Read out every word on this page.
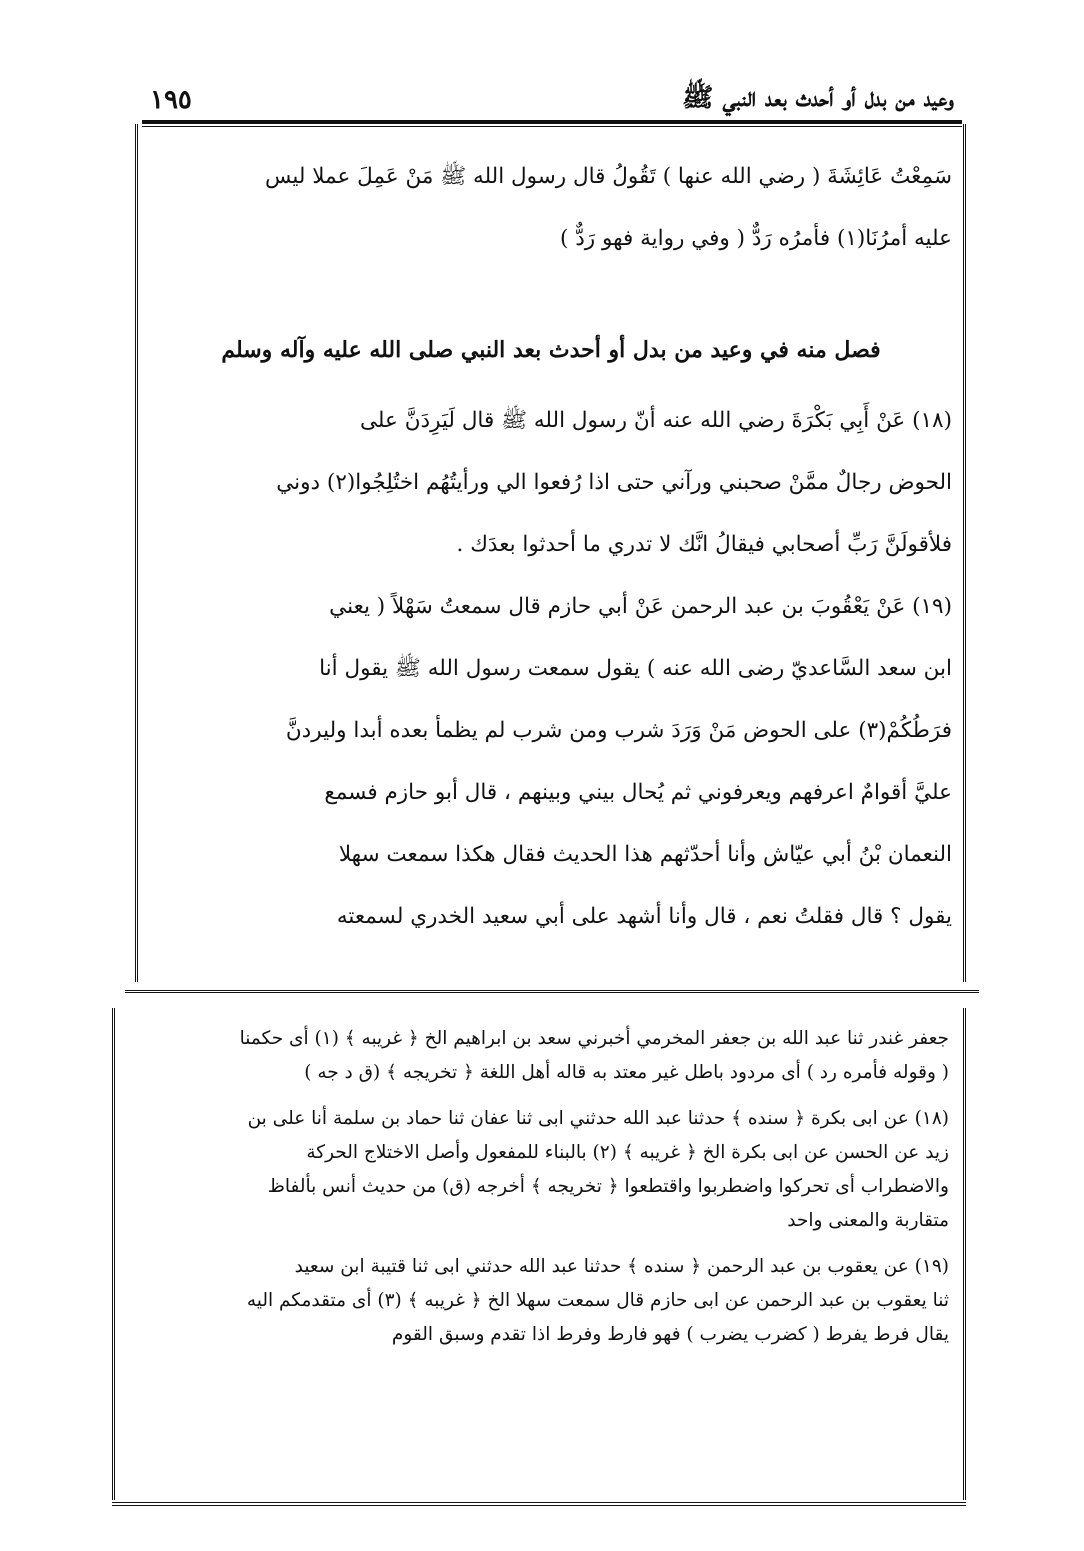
١٩٥	وعيد من بدل أو أحدث بعد النبي ﷺ
سَمِعْتُ عَائِشَةَ ( رضي الله عنها ) تَقُولُ قال رسول الله ﷺ مَنْ عَمِلَ عملا ليس
عليه أمرُنَا(١) فأمرُه رَدٌّ ( وفي رواية فهو رَدٌّ )
فصل منه في وعيد من بدل أو أحدث بعد النبي صلى الله عليه وآله وسلم
(١٨) عَنْ أَبِي بَكْرَةَ رضي الله عنه أنّ رسول الله ﷺ قال لَيَرِدَنَّ على
الحوض رجالٌ ممَّنْ صحبني ورآني حتى اذا رُفعوا الي ورأيتُهُم اختُلِجُوا(٢) دوني
فلأقولَنَّ رَبِّ أصحابي فيقالُ انَّك لا تدري ما أحدثوا بعدَك .
(١٩) عَنْ يَعْقُوبَ بن عبد الرحمن عَنْ أبي حازم قال سمعتُ سَهْلاً ( يعني
ابن سعد السَّاعديّ رضى الله عنه ) يقول سمعت رسول الله ﷺ يقول أنا
فرَطُكُمْ(٣) على الحوض مَنْ وَرَدَ شرب ومن شرب لم يظمأ بعده أبدا وليردنَّ
عليَّ أقوامٌ اعرفهم ويعرفوني ثم يُحال بيني وبينهم ، قال أبو حازم فسمع
النعمان بْنُ أبي عيّاش وأنا أحدّثهم هذا الحديث فقال هكذا سمعت سهلا
يقول ؟ قال فقلتُ نعم ، قال وأنا أشهد على أبي سعيد الخدري لسمعته
جعفر غندر ثنا عبد الله بن جعفر المخرمي أخبرني سعد بن ابراهيم الخ ﴿ غريبه ﴾ (١) أى حكمنا
( وقوله فأمره رد ) أى مردود باطل غير معتد به قاله أهل اللغة ﴿ تخريجه ﴾ (ق د جه )
(١٨) عن ابى بكرة ﴿ سنده ﴾ حدثنا عبد الله حدثني ابى ثنا عفان ثنا حماد بن سلمة أنا على بن
زيد عن الحسن عن ابى بكرة الخ ﴿ غريبه ﴾ (٢) بالبناء للمفعول وأصل الاختلاج الحركة
والاضطراب أى تحركوا واضطربوا واقتطعوا ﴿ تخريجه ﴾ أخرجه (ق) من حديث أنس بألفاظ
متقاربة والمعنى واحد
(١٩) عن يعقوب بن عبد الرحمن ﴿ سنده ﴾ حدثنا عبد الله حدثني ابى ثنا قتيبة ابن سعيد
ثنا يعقوب بن عبد الرحمن عن ابى حازم قال سمعت سهلا الخ ﴿ غريبه ﴾ (٣) أى متقدمكم اليه
يقال فرط يفرط ( كضرب يضرب ) فهو فارط وفرط اذا تقدم وسبق القوم
